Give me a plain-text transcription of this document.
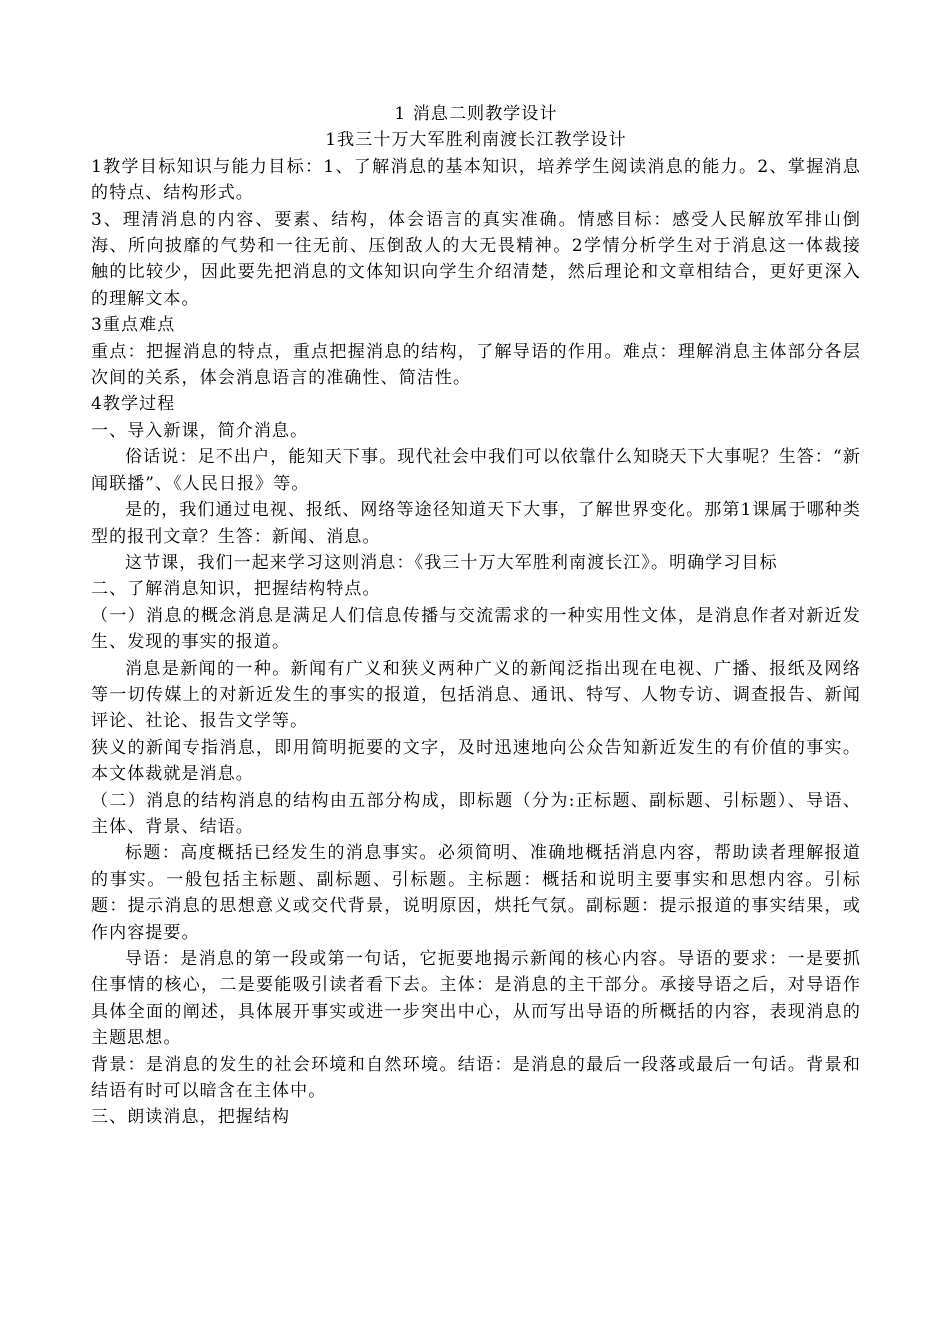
1 消息二则教学设计
1我三十万大军胜利南渡长江教学设计

1教学目标知识与能力目标：1、了解消息的基本知识，培养学生阅读消息的能力。2、掌握消息的特点、结构形式。

3、理清消息的内容、要素、结构，体会语言的真实准确。情感目标：感受人民解放军排山倒海、所向披靡的气势和一往无前、压倒敌人的大无畏精神。2学情分析学生对于消息这一体裁接触的比较少，因此要先把消息的文体知识向学生介绍清楚，然后理论和文章相结合，更好更深入的理解文本。

3重点难点

重点：把握消息的特点，重点把握消息的结构，了解导语的作用。难点：理解消息主体部分各层次间的关系，体会消息语言的准确性、简洁性。

4教学过程

一、导入新课，简介消息。

俗话说：足不出户，能知天下事。现代社会中我们可以依靠什么知晓天下大事呢？生答：“新闻联播”、《人民日报》等。

是的，我们通过电视、报纸、网络等途径知道天下大事，了解世界变化。那第1课属于哪种类型的报刊文章？生答：新闻、消息。

这节课，我们一起来学习这则消息：《我三十万大军胜利南渡长江》。明确学习目标

二、了解消息知识，把握结构特点。

（一）消息的概念消息是满足人们信息传播与交流需求的一种实用性文体，是消息作者对新近发生、发现的事实的报道。

消息是新闻的一种。新闻有广义和狭义两种广义的新闻泛指出现在电视、广播、报纸及网络等一切传媒上的对新近发生的事实的报道，包括消息、通讯、特写、人物专访、调查报告、新闻评论、社论、报告文学等。

狭义的新闻专指消息，即用简明扼要的文字，及时迅速地向公众告知新近发生的有价值的事实。本文体裁就是消息。

（二）消息的结构消息的结构由五部分构成，即标题（分为:正标题、副标题、引标题）、导语、主体、背景、结语。

标题：高度概括已经发生的消息事实。必须简明、准确地概括消息内容，帮助读者理解报道的事实。一般包括主标题、副标题、引标题。主标题：概括和说明主要事实和思想内容。引标题：提示消息的思想意义或交代背景，说明原因，烘托气氛。副标题：提示报道的事实结果，或作内容提要。

导语：是消息的第一段或第一句话，它扼要地揭示新闻的核心内容。导语的要求：一是要抓住事情的核心，二是要能吸引读者看下去。主体：是消息的主干部分。承接导语之后，对导语作具体全面的阐述，具体展开事实或进一步突出中心，从而写出导语的所概括的内容，表现消息的主题思想。

背景：是消息的发生的社会环境和自然环境。结语：是消息的最后一段落或最后一句话。背景和结语有时可以暗含在主体中。

三、朗读消息，把握结构
